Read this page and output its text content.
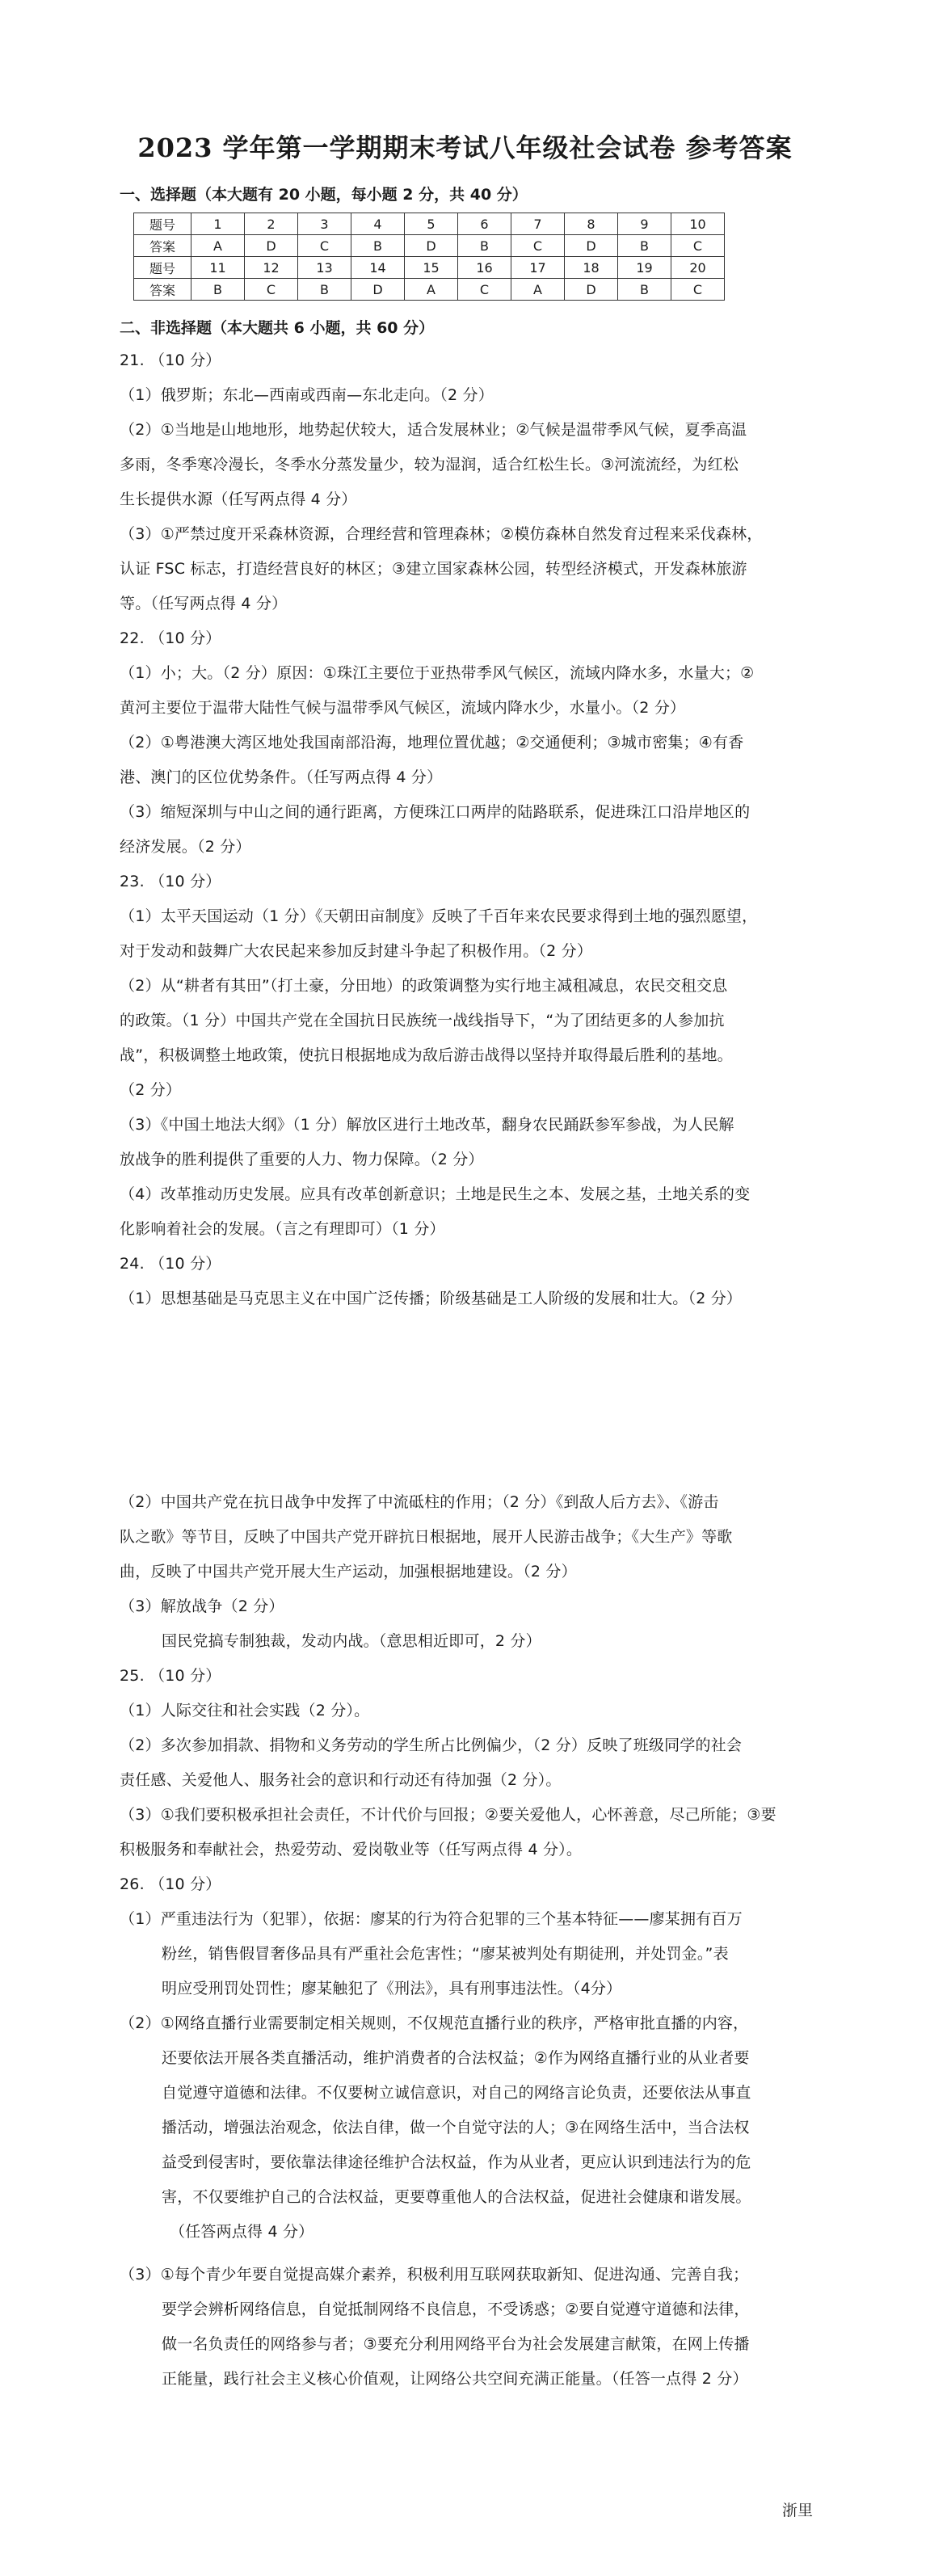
2023 学年第一学期期末考试八年级社会试卷 参考答案
一、选择题（本大题有 20 小题，每小题 2 分，共 40 分）
题号	1	2	3	4	5	6	7	8	9	10
答案	A	D	C	B	D	B	C	D	B	C
题号	11	12	13	14	15	16	17	18	19	20
答案	B	C	B	D	A	C	A	D	B	C
二、非选择题（本大题共 6 小题，共 60 分）
21. （10 分）
（1）俄罗斯；东北—西南或西南—东北走向。（2 分）
（2）①当地是山地地形，地势起伏较大，适合发展林业；②气候是温带季风气候，夏季高温
多雨，冬季寒冷漫长，冬季水分蒸发量少，较为湿润，适合红松生长。③河流流经，为红松
生长提供水源（任写两点得 4 分）
（3）①严禁过度开采森林资源，合理经营和管理森林；②模仿森林自然发育过程来采伐森林，
认证 FSC 标志，打造经营良好的林区；③建立国家森林公园，转型经济模式，开发森林旅游
等。（任写两点得 4 分）
22. （10 分）
（1）小；大。（2 分）原因：①珠江主要位于亚热带季风气候区，流域内降水多，水量大；②
黄河主要位于温带大陆性气候与温带季风气候区，流域内降水少，水量小。（2 分）
（2）①粤港澳大湾区地处我国南部沿海，地理位置优越；②交通便利；③城市密集；④有香
港、澳门的区位优势条件。（任写两点得 4 分）
（3）缩短深圳与中山之间的通行距离，方便珠江口两岸的陆路联系，促进珠江口沿岸地区的
经济发展。（2 分）
23. （10 分）
（1）太平天国运动（1 分）《天朝田亩制度》反映了千百年来农民要求得到土地的强烈愿望，
对于发动和鼓舞广大农民起来参加反封建斗争起了积极作用。（2 分）
（2）从“耕者有其田”（打土豪，分田地）的政策调整为实行地主减租减息，农民交租交息
的政策。（1 分）中国共产党在全国抗日民族统一战线指导下，“为了团结更多的人参加抗
战”，积极调整土地政策，使抗日根据地成为敌后游击战得以坚持并取得最后胜利的基地。
（2 分）
（3）《中国土地法大纲》（1 分）解放区进行土地改革，翻身农民踊跃参军参战，为人民解
放战争的胜利提供了重要的人力、物力保障。（2 分）
（4）改革推动历史发展。应具有改革创新意识；土地是民生之本、发展之基，土地关系的变
化影响着社会的发展。（言之有理即可）（1 分）
24. （10 分）
（1）思想基础是马克思主义在中国广泛传播；阶级基础是工人阶级的发展和壮大。（2 分）
（2）中国共产党在抗日战争中发挥了中流砥柱的作用；（2 分）《到敌人后方去》、《游击
队之歌》等节目，反映了中国共产党开辟抗日根据地，展开人民游击战争；《大生产》等歌
曲，反映了中国共产党开展大生产运动，加强根据地建设。（2 分）
（3）解放战争（2 分）
国民党搞专制独裁，发动内战。（意思相近即可，2 分）
25. （10 分）
（1）人际交往和社会实践（2 分）。
（2）多次参加捐款、捐物和义务劳动的学生所占比例偏少，（2 分）反映了班级同学的社会
责任感、关爱他人、服务社会的意识和行动还有待加强（2 分）。
（3）①我们要积极承担社会责任，不计代价与回报；②要关爱他人，心怀善意，尽己所能；③要
积极服务和奉献社会，热爱劳动、爱岗敬业等（任写两点得 4 分）。
26. （10 分）
（1）严重违法行为（犯罪），依据：廖某的行为符合犯罪的三个基本特征——廖某拥有百万
粉丝，销售假冒奢侈品具有严重社会危害性；“廖某被判处有期徒刑，并处罚金。”表
明应受刑罚处罚性；廖某触犯了《刑法》，具有刑事违法性。（4分）
（2）①网络直播行业需要制定相关规则，不仅规范直播行业的秩序，严格审批直播的内容，
还要依法开展各类直播活动，维护消费者的合法权益；②作为网络直播行业的从业者要
自觉遵守道德和法律。不仅要树立诚信意识，对自己的网络言论负责，还要依法从事直
播活动，增强法治观念，依法自律，做一个自觉守法的人；③在网络生活中，当合法权
益受到侵害时，要依靠法律途径维护合法权益，作为从业者，更应认识到违法行为的危
害，不仅要维护自己的合法权益，更要尊重他人的合法权益，促进社会健康和谐发展。
（任答两点得 4 分）
（3）①每个青少年要自觉提高媒介素养，积极利用互联网获取新知、促进沟通、完善自我；
要学会辨析网络信息，自觉抵制网络不良信息，不受诱惑；②要自觉遵守道德和法律，
做一名负责任的网络参与者；③要充分利用网络平台为社会发展建言献策，在网上传播
正能量，践行社会主义核心价值观，让网络公共空间充满正能量。（任答一点得 2 分）
浙里
